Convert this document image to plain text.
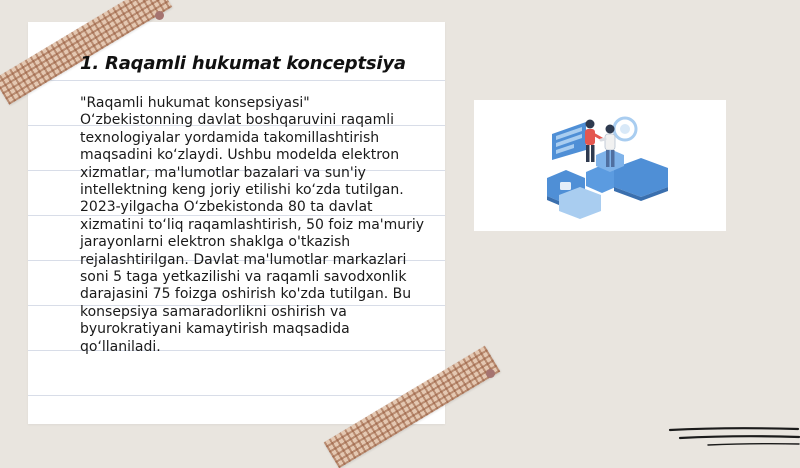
1. Raqamli hukumat konceptsiya

"Raqamli hukumat konsepsiyasi" O‘zbekistonning davlat boshqaruvini raqamli texnologiyalar yordamida takomillashtirish maqsadini ko‘zlaydi. Ushbu modelda elektron xizmatlar, ma'lumotlar bazalari va sun'iy intellektning keng joriy etilishi ko‘zda tutilgan. 2023-yilgacha O‘zbekistonda 80 ta davlat xizmatini to‘liq raqamlashtirish, 50 foiz ma'muriy jarayonlarni elektron shaklga o'tkazish rejalashtirilgan. Davlat ma'lumotlar markazlari soni 5 taga yetkazilishi va raqamli savodxonlik darajasini 75 foizga oshirish ko'zda tutilgan. Bu konsepsiya samaradorlikni oshirish va byurokratiyani kamaytirish maqsadida qo‘llaniladi.
